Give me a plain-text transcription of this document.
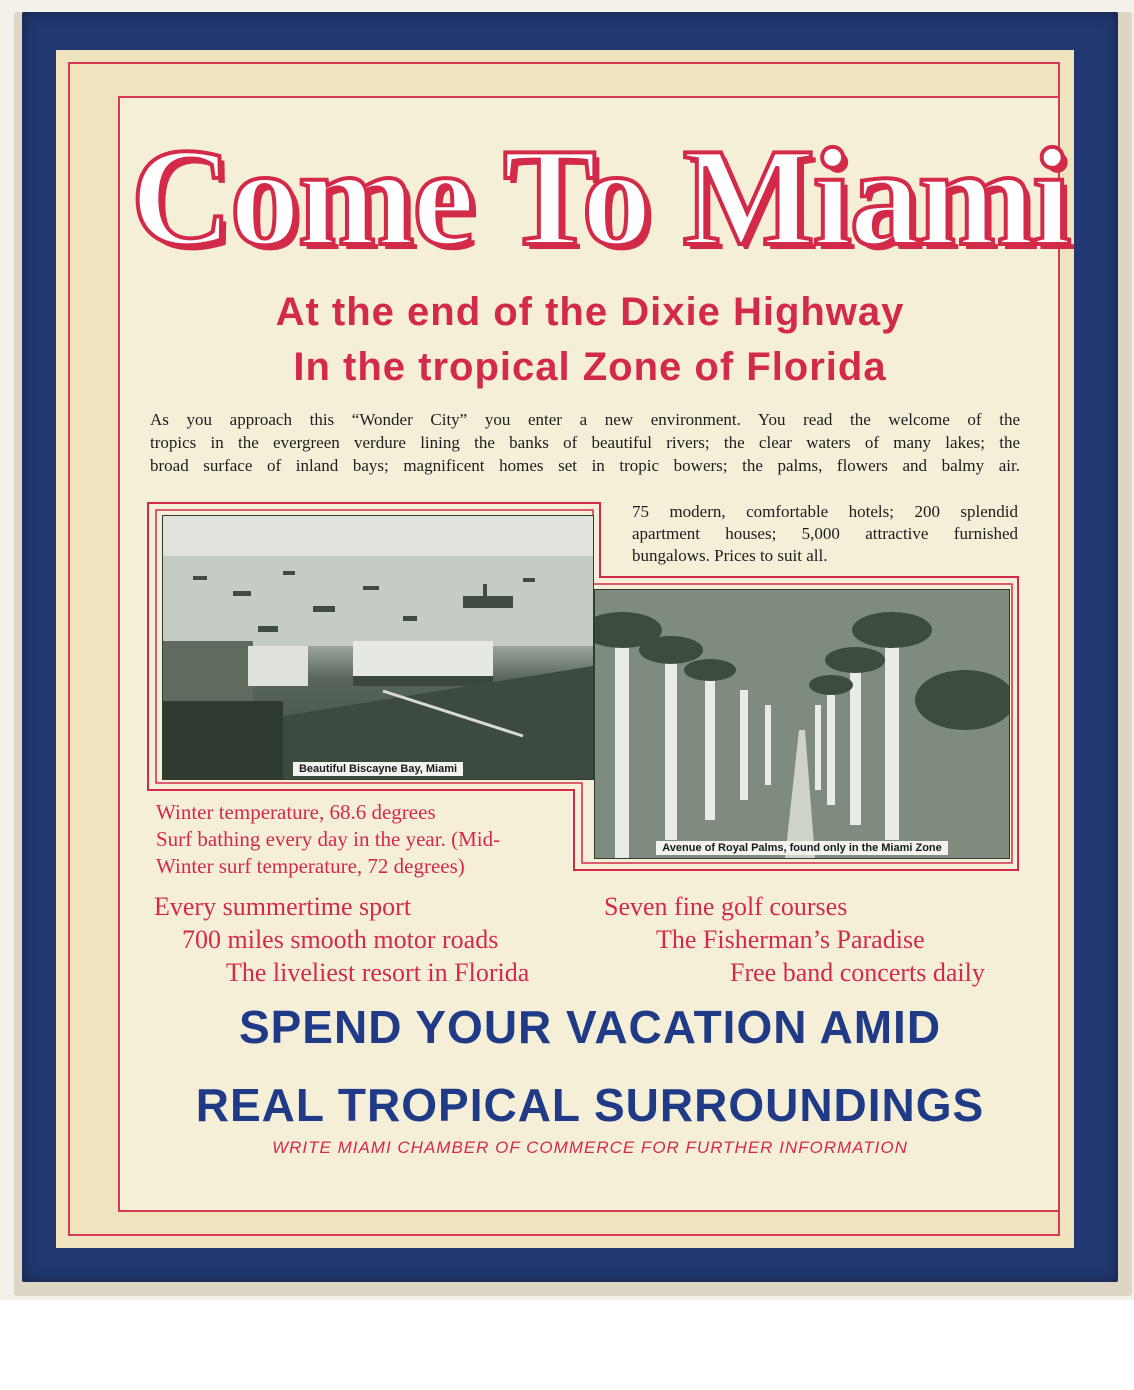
Come To Miami

At the end of the Dixie Highway

In the tropical Zone of Florida

As you approach this “Wonder City” you enter a new environment. You read the welcome of the

tropics in the evergreen verdure lining the banks of beautiful rivers; the clear waters of many lakes; the

broad surface of inland bays; magnificent homes set in tropic bowers; the palms, flowers and balmy air.

75 modern, comfortable hotels; 200 splendid

apartment houses; 5,000 attractive furnished

bungalows. Prices to suit all.

Beautiful Biscayne Bay, Miami
Avenue of Royal Palms, found only in the Miami Zone

Winter temperature, 68.6 degrees

Surf bathing every day in the year. (Mid-

Winter surf temperature, 72 degrees)

Every summertime sport

700 miles smooth motor roads

The liveliest resort in Florida

Seven fine golf courses

The Fisherman’s Paradise

Free band concerts daily

SPEND YOUR VACATION AMID

REAL TROPICAL SURROUNDINGS

WRITE MIAMI CHAMBER OF COMMERCE FOR FURTHER INFORMATION
